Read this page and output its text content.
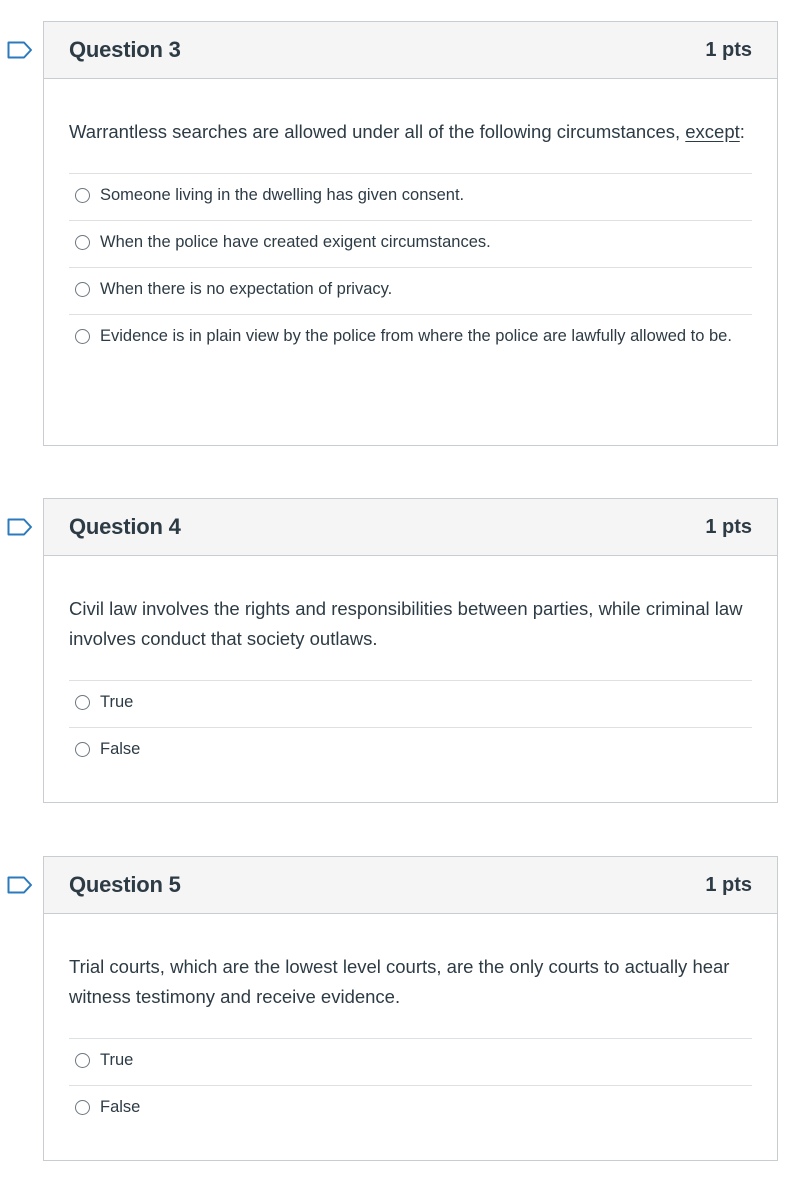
Question 3	1 pts

Warrantless searches are allowed under all of the following circumstances, except:

Someone living in the dwelling has given consent.
When the police have created exigent circumstances.
When there is no expectation of privacy.
Evidence is in plain view by the police from where the police are lawfully allowed to be.
Question 4	1 pts

Civil law involves the rights and responsibilities between parties, while criminal law involves conduct that society outlaws.

True
False
Question 5	1 pts

Trial courts, which are the lowest level courts, are the only courts to actually hear witness testimony and receive evidence.

True
False
